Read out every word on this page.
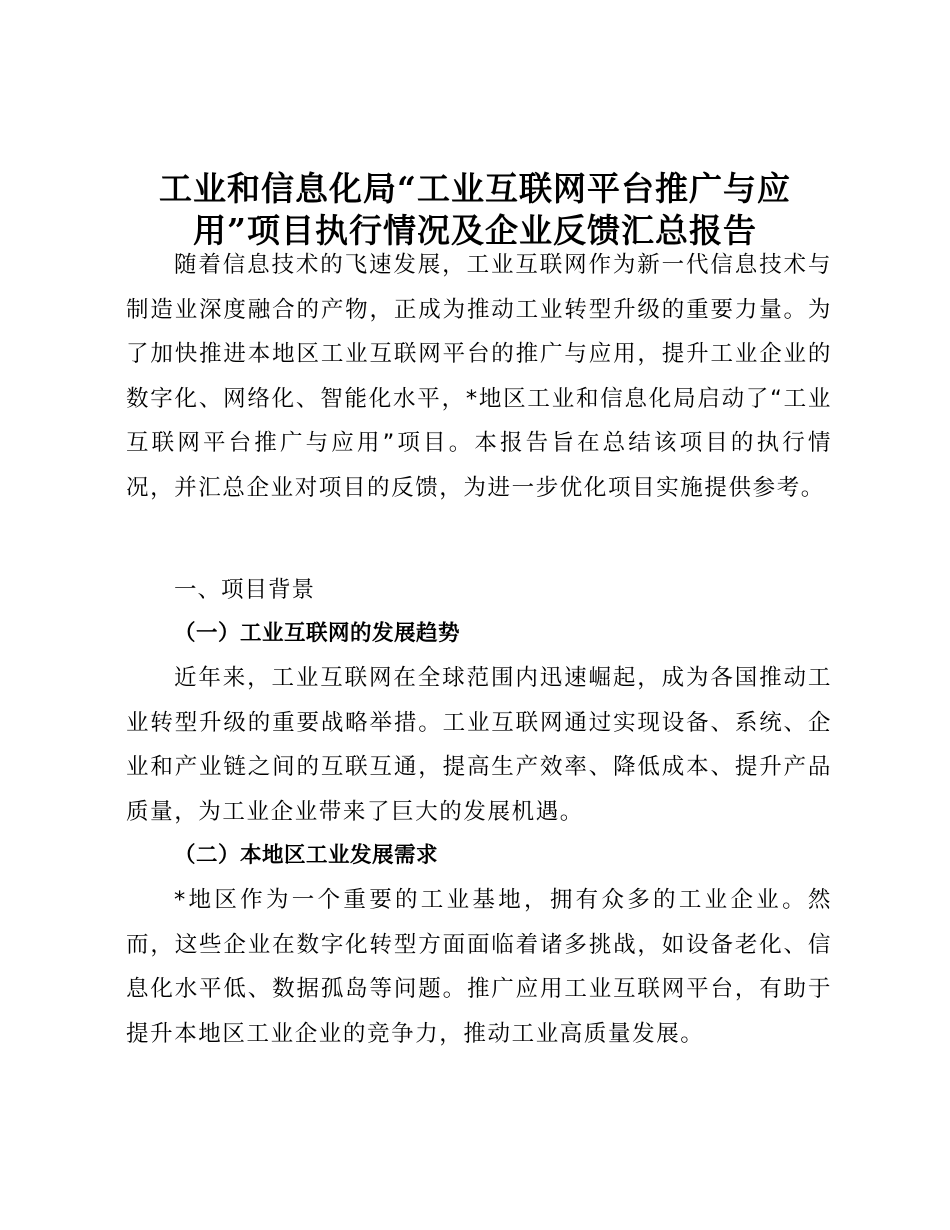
工业和信息化局“工业互联网平台推广与应
用”项目执行情况及企业反馈汇总报告

随着信息技术的飞速发展，工业互联网作为新一代信息技术与制造业深度融合的产物，正成为推动工业转型升级的重要力量。为了加快推进本地区工业互联网平台的推广与应用，提升工业企业的数字化、网络化、智能化水平，*地区工业和信息化局启动了“工业互联网平台推广与应用”项目。本报告旨在总结该项目的执行情况，并汇总企业对项目的反馈，为进一步优化项目实施提供参考。

一、项目背景
（一）工业互联网的发展趋势

近年来，工业互联网在全球范围内迅速崛起，成为各国推动工业转型升级的重要战略举措。工业互联网通过实现设备、系统、企业和产业链之间的互联互通，提高生产效率、降低成本、提升产品质量，为工业企业带来了巨大的发展机遇。

（二）本地区工业发展需求

*地区作为一个重要的工业基地，拥有众多的工业企业。然而，这些企业在数字化转型方面面临着诸多挑战，如设备老化、信息化水平低、数据孤岛等问题。推广应用工业互联网平台，有助于提升本地区工业企业的竞争力，推动工业高质量发展。
